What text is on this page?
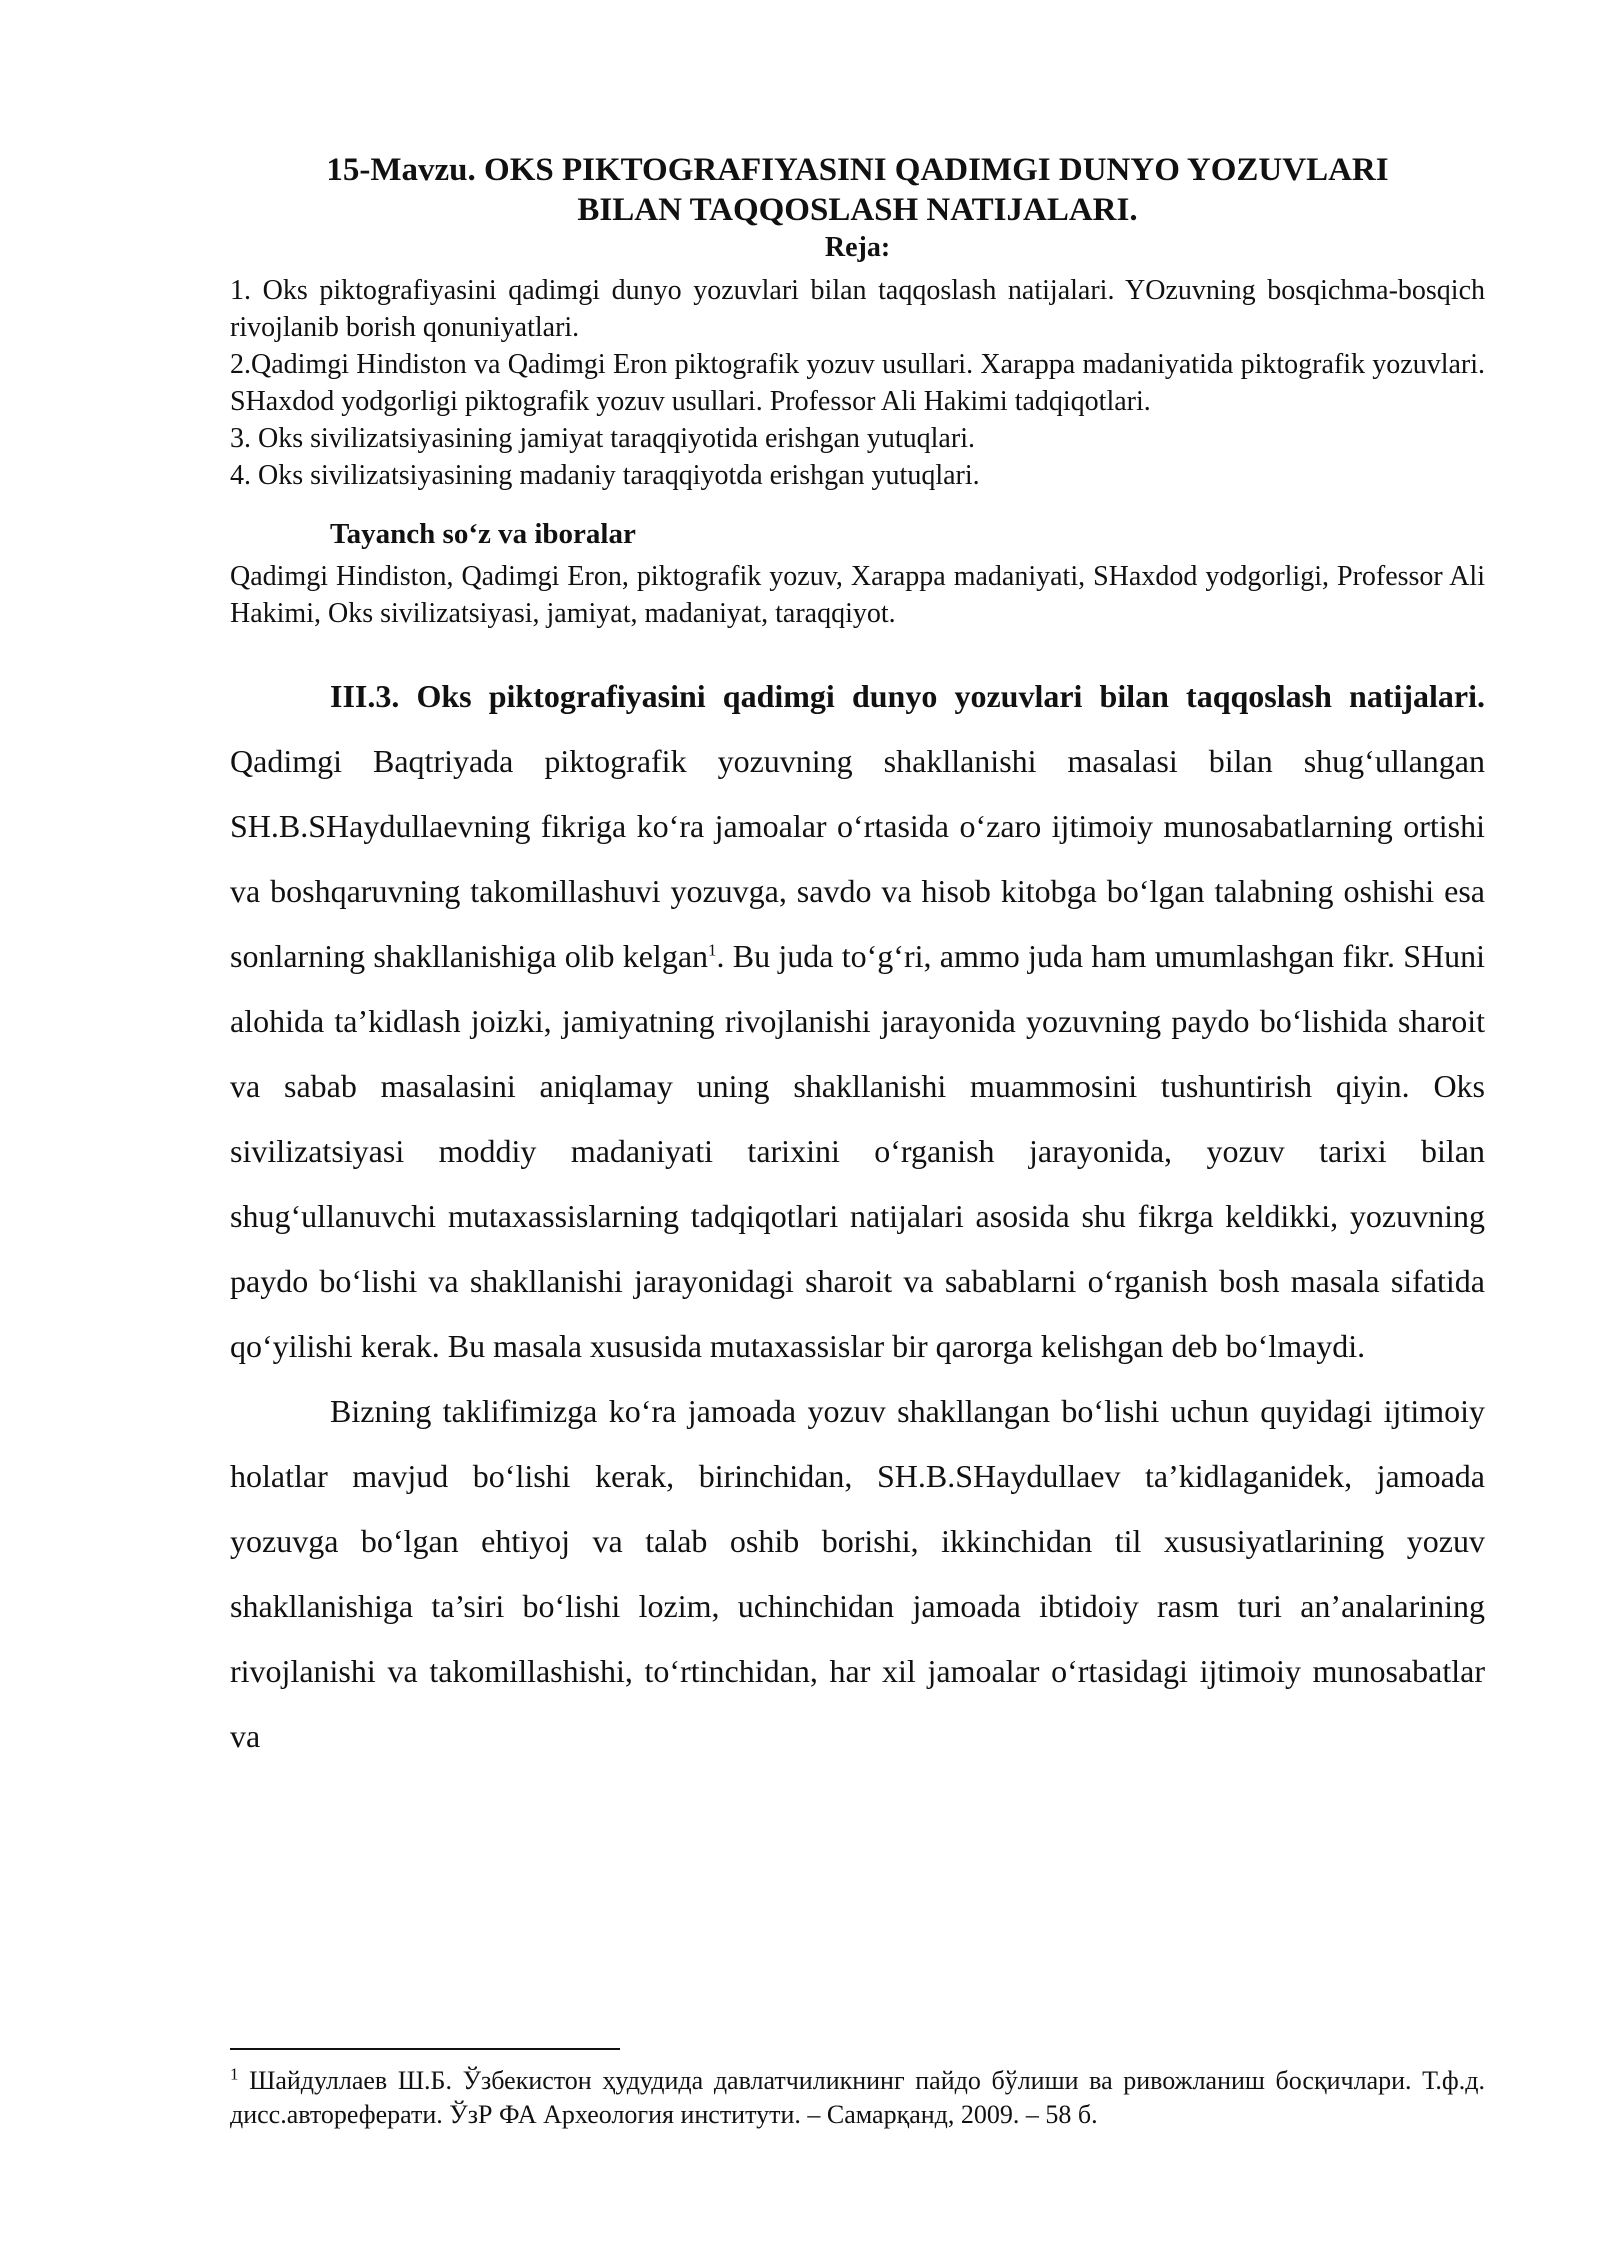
15-Mavzu. OKS PIKTOGRAFIYASINI QADIMGI DUNYO YOZUVLARI
BILAN TAQQOSLASH NATIJALARI.
Reja:

1. Oks piktografiyasini qadimgi dunyo yozuvlari bilan taqqoslash natijalari. YOzuvning bosqichma-bosqich rivojlanib borish qonuniyatlari.

2.Qadimgi Hindiston va Qadimgi Eron piktografik yozuv usullari. Xarappa madaniyatida piktografik yozuvlari. SHaxdod yodgorligi piktografik yozuv usullari. Professor Ali Hakimi tadqiqotlari.

3. Oks sivilizatsiyasining jamiyat taraqqiyotida erishgan yutuqlari.

4. Oks sivilizatsiyasining madaniy taraqqiyotda erishgan yutuqlari.

Tayanch so‘z va iboralar

Qadimgi Hindiston, Qadimgi Eron, piktografik yozuv, Xarappa madaniyati, SHaxdod yodgorligi, Professor Ali Hakimi, Oks sivilizatsiyasi, jamiyat, madaniyat, taraqqiyot.

III.3. Oks piktografiyasini qadimgi dunyo yozuvlari bilan taqqoslash natijalari. Qadimgi Baqtriyada piktografik yozuvning shakllanishi masalasi bilan shug‘ullangan SH.B.SHaydullaevning fikriga ko‘ra jamoalar o‘rtasida o‘zaro ijtimoiy munosabatlarning ortishi va boshqaruvning takomillashuvi yozuvga, savdo va hisob kitobga bo‘lgan talabning oshishi esa sonlarning shakllanishiga olib kelgan$^1$. Bu juda to‘g‘ri, ammo juda ham umumlashgan fikr. SHuni alohida ta’kidlash joizki, jamiyatning rivojlanishi jarayonida yozuvning paydo bo‘lishida sharoit va sabab masalasini aniqlamay uning shakllanishi muammosini tushuntirish qiyin. Oks sivilizatsiyasi moddiy madaniyati tarixini o‘rganish jarayonida, yozuv tarixi bilan shug‘ullanuvchi mutaxassislarning tadqiqotlari natijalari asosida shu fikrga keldikki, yozuvning paydo bo‘lishi va shakllanishi jarayonidagi sharoit va sabablarni o‘rganish bosh masala sifatida qo‘yilishi kerak. Bu masala xususida mutaxassislar bir qarorga kelishgan deb bo‘lmaydi.

Bizning taklifimizga ko‘ra jamoada yozuv shakllangan bo‘lishi uchun quyidagi ijtimoiy holatlar mavjud bo‘lishi kerak, birinchidan, SH.B.SHaydullaev ta’kidlaganidek, jamoada yozuvga bo‘lgan ehtiyoj va talab oshib borishi, ikkinchidan til xususiyatlarining yozuv shakllanishiga ta’siri bo‘lishi lozim, uchinchidan jamoada ibtidoiy rasm turi an’analarining rivojlanishi va takomillashishi, to‘rtinchidan, har xil jamoalar o‘rtasidagi ijtimoiy munosabatlar va

$^1$ Шайдуллаев Ш.Б. Ўзбекистон ҳудудида давлатчиликнинг пайдо бўлиши ва ривожланиш босқичлари. Т.ф.д. дисс.автореферати. ЎзР ФА Археология институти. – Самарқанд, 2009. – 58 б.
